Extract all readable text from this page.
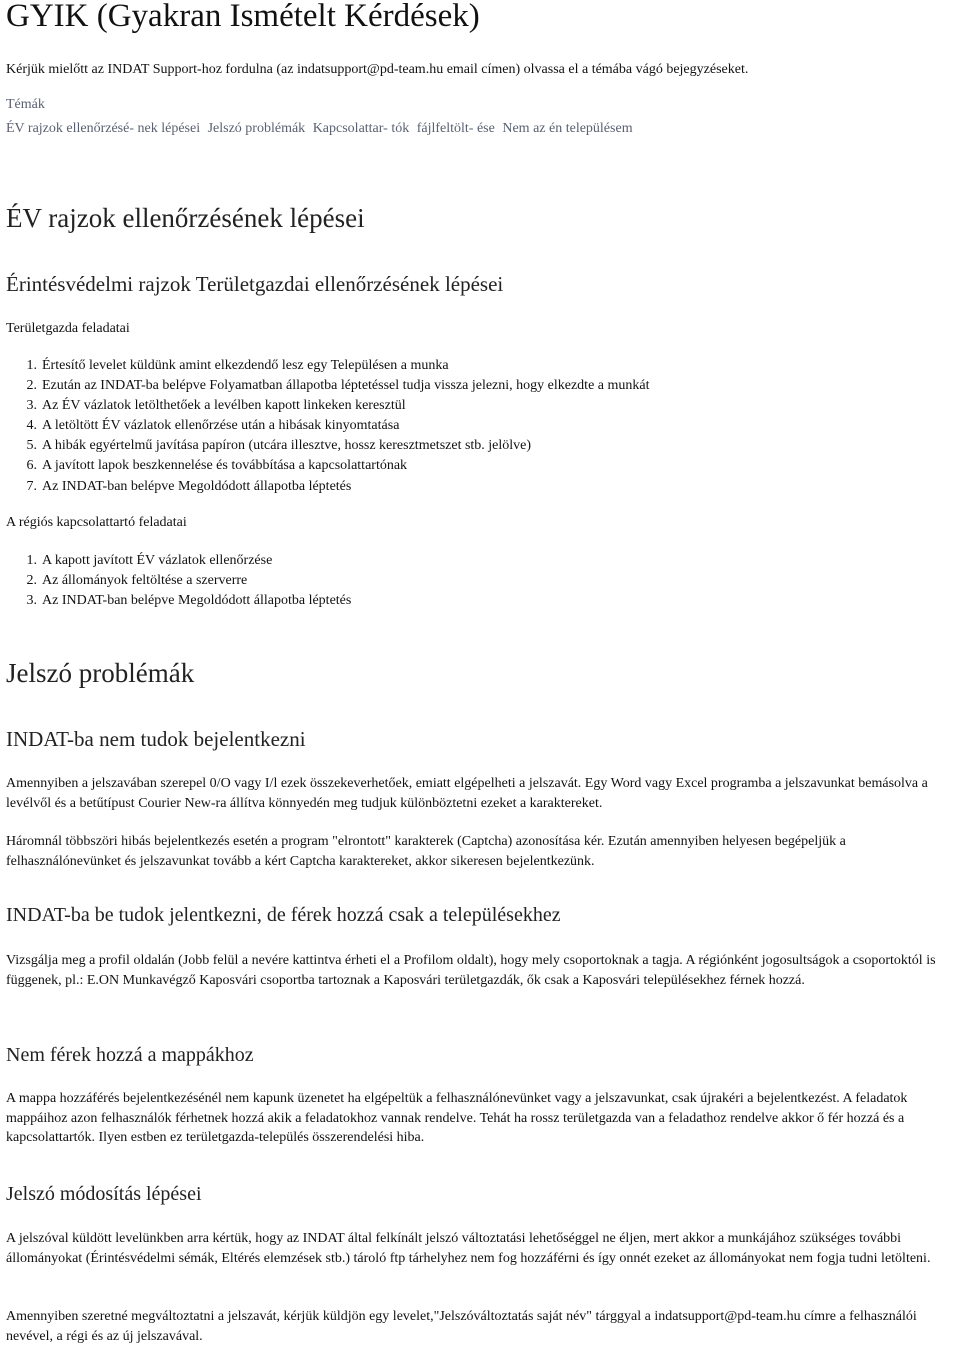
GYIK (Gyakran Ismételt Kérdések)
Kérjük mielőtt az INDAT Support-hoz fordulna (az indatsupport@pd-team.hu email címen) olvassa el a témába vágó bejegyzéseket.
Témák
ÉV rajzok ellenőrzésé- nek lépései Jelszó problémák Kapcsolattar- tók fájlfeltölt- ése Nem az én településem
ÉV rajzok ellenőrzésének lépései
Érintésvédelmi rajzok Területgazdai ellenőrzésének lépései
Területgazda feladatai
1. Értesítő levelet küldünk amint elkezdendő lesz egy Településen a munka
2. Ezután az INDAT-ba belépve Folyamatban állapotba léptetéssel tudja vissza jelezni, hogy elkezdte a munkát
3. Az ÉV vázlatok letölthetőek a levélben kapott linkeken keresztül
4. A letöltött ÉV vázlatok ellenőrzése után a hibásak kinyomtatása
5. A hibák egyértelmű javítása papíron (utcára illesztve, hossz keresztmetszet stb. jelölve)
6. A javított lapok beszkennelése és továbbítása a kapcsolattartónak
7. Az INDAT-ban belépve Megoldódott állapotba léptetés
A régiós kapcsolattartó feladatai
1. A kapott javított ÉV vázlatok ellenőrzése
2. Az állományok feltöltése a szerverre
3. Az INDAT-ban belépve Megoldódott állapotba léptetés
Jelszó problémák
INDAT-ba nem tudok bejelentkezni
Amennyiben a jelszavában szerepel 0/O vagy I/l ezek összekeverhetőek, emiatt elgépelheti a jelszavát. Egy Word vagy Excel programba a jelszavunkat bemásolva a levélvől és a betűtípust Courier New-ra állítva könnyedén meg tudjuk különböztetni ezeket a karaktereket.
Háromnál többszöri hibás bejelentkezés esetén a program "elrontott" karakterek (Captcha) azonosítása kér. Ezután amennyiben helyesen begépeljük a felhasználónevünket és jelszavunkat tovább a kért Captcha karaktereket, akkor sikeresen bejelentkezünk.
INDAT-ba be tudok jelentkezni, de férek hozzá csak a településekhez
Vizsgálja meg a profil oldalán (Jobb felül a nevére kattintva érheti el a Profilom oldalt), hogy mely csoportoknak a tagja. A régiónként jogosultságok a csoportoktól is függenek, pl.: E.ON Munkavégző Kaposvári csoportba tartoznak a Kaposvári területgazdák, ők csak a Kaposvári településekhez férnek hozzá.
Nem férek hozzá a mappákhoz
A mappa hozzáférés bejelentkezésénél nem kapunk üzenetet ha elgépeltük a felhasználónevünket vagy a jelszavunkat, csak újrakéri a bejelentkezést. A feladatok mappáihoz azon felhasználók férhetnek hozzá akik a feladatokhoz vannak rendelve. Tehát ha rossz területgazda van a feladathoz rendelve akkor ő fér hozzá és a kapcsolattartók. Ilyen estben ez területgazda-település összerendelési hiba.
Jelszó módosítás lépései
A jelszóval küldött levelünkben arra kértük, hogy az INDAT által felkínált jelszó változtatási lehetőséggel ne éljen, mert akkor a munkájához szükséges további állományokat (Érintésvédelmi sémák, Eltérés elemzések stb.) tároló ftp tárhelyhez nem fog hozzáférni és így onnét ezeket az állományokat nem fogja tudni letölteni.
Amennyiben szeretné megváltoztatni a jelszavát, kérjük küldjön egy levelet,"Jelszóváltoztatás saját név" tárggyal a indatsupport@pd-team.hu címre a felhasználói nevével, a régi és az új jelszavával.
